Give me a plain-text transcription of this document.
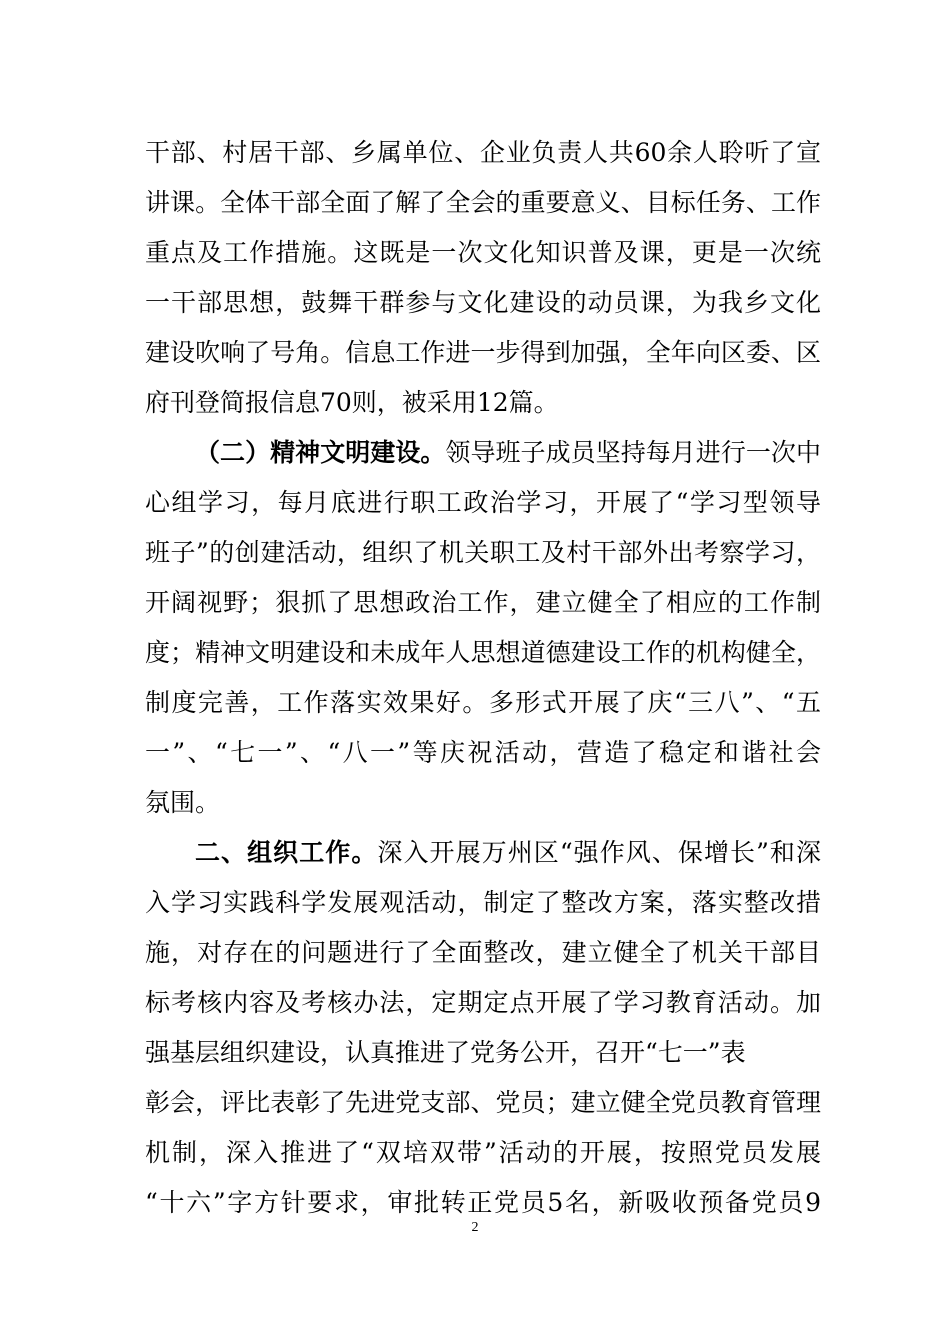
干部、村居干部、乡属单位、企业负责人共60余人聆听了宣
讲课。全体干部全面了解了全会的重要意义、目标任务、工作
重点及工作措施。这既是一次文化知识普及课，更是一次统
一干部思想，鼓舞干群参与文化建设的动员课，为我乡文化
建设吹响了号角。信息工作进一步得到加强，全年向区委、区
府刊登简报信息70则，被采用12篇。
（二）精神文明建设。领导班子成员坚持每月进行一次中
心组学习，每月底进行职工政治学习，开展了“学习型领导
班子”的创建活动，组织了机关职工及村干部外出考察学习，
开阔视野；狠抓了思想政治工作，建立健全了相应的工作制
度；精神文明建设和未成年人思想道德建设工作的机构健全，
制度完善，工作落实效果好。多形式开展了庆“三八”、“五
一”、“七一”、“八一”等庆祝活动，营造了稳定和谐社会
氛围。
二、组织工作。深入开展万州区“强作风、保增长”和深
入学习实践科学发展观活动，制定了整改方案，落实整改措
施，对存在的问题进行了全面整改，建立健全了机关干部目
标考核内容及考核办法，定期定点开展了学习教育活动。加
强基层组织建设，认真推进了党务公开，召开“七一”表
彰会，评比表彰了先进党支部、党员；建立健全党员教育管理
机制，深入推进了“双培双带”活动的开展，按照党员发展
“十六”字方针要求，审批转正党员5名，新吸收预备党员9
2
